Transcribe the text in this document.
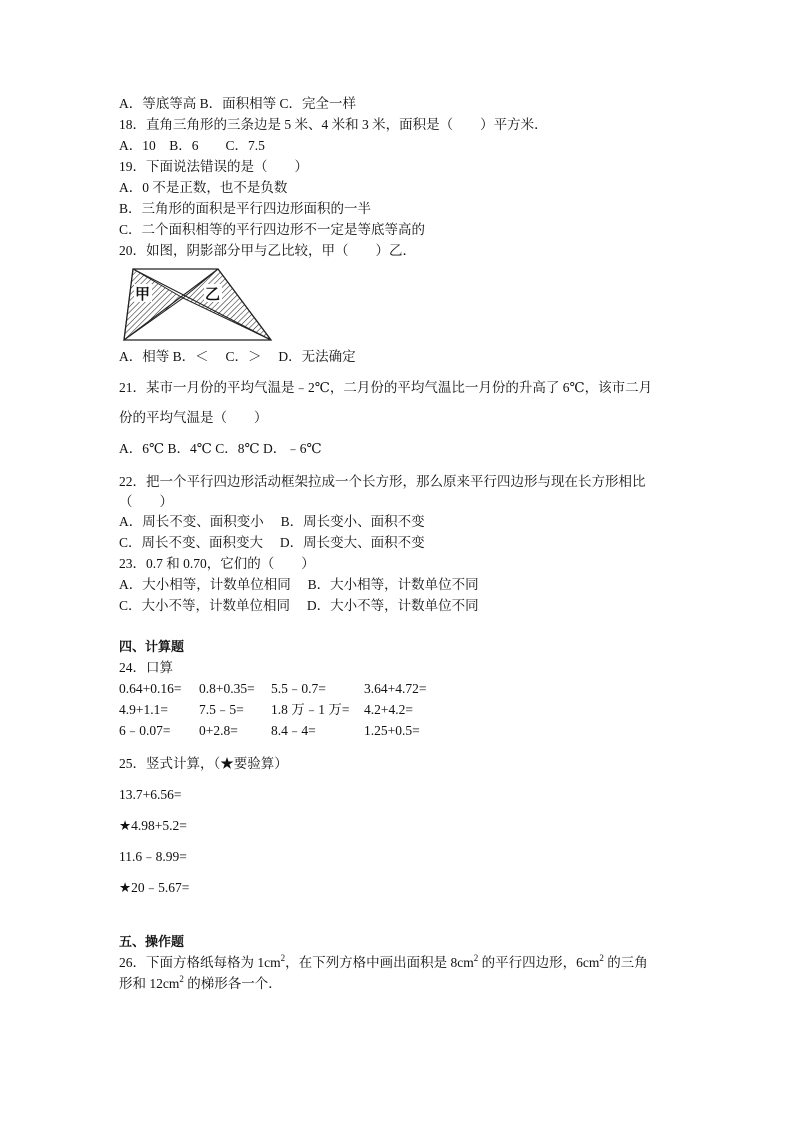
A．等底等高 B．面积相等 C．完全一样
18．直角三角形的三条边是 5 米、4 米和 3 米，面积是（　　）平方米．
A．10　B．6　　C．7.5
19．下面说法错误的是（　　）
A．0 不是正数，也不是负数
B．三角形的面积是平行四边形面积的一半
C．二个面积相等的平行四边形不一定是等底等高的
20．如图，阴影部分甲与乙比较，甲（　　）乙．
甲	乙
A．相等 B．＜　 C．＞　 D．无法确定
21．某市一月份的平均气温是﹣2℃，二月份的平均气温比一月份的升高了 6℃，该市二月
份的平均气温是（　　）
A．6℃ B．4℃ C．8℃ D．﹣6℃
22．把一个平行四边形活动框架拉成一个长方形，那么原来平行四边形与现在长方形相比
（　　）
A．周长不变、面积变小　 B．周长变小、面积不变
C．周长不变、面积变大　 D．周长变大、面积不变
23．0.7 和 0.70，它们的（　　）
A．大小相等，计数单位相同　 B．大小相等，计数单位不同
C．大小不等，计数单位相同　 D．大小不等，计数单位不同
四、计算题
24．口算
0.64+0.16= 0.8+0.35= 5.5﹣0.7=	3.64+4.72=
4.9+1.1= 7.5﹣5= 1.8 万﹣1 万= 4.2+4.2=
6﹣0.07= 0+2.8= 8.4﹣4=	1.25+0.5=
25．竖式计算，（★要验算）
13.7+6.56=
★4.98+5.2=
11.6﹣8.99=
★20﹣5.67=
五、操作题
26．下面方格纸每格为 $1cm^2$，在下列方格中画出面积是 $8cm^2$ 的平行四边形，$6cm^2$ 的三角
形和 $12cm^2$ 的梯形各一个．
